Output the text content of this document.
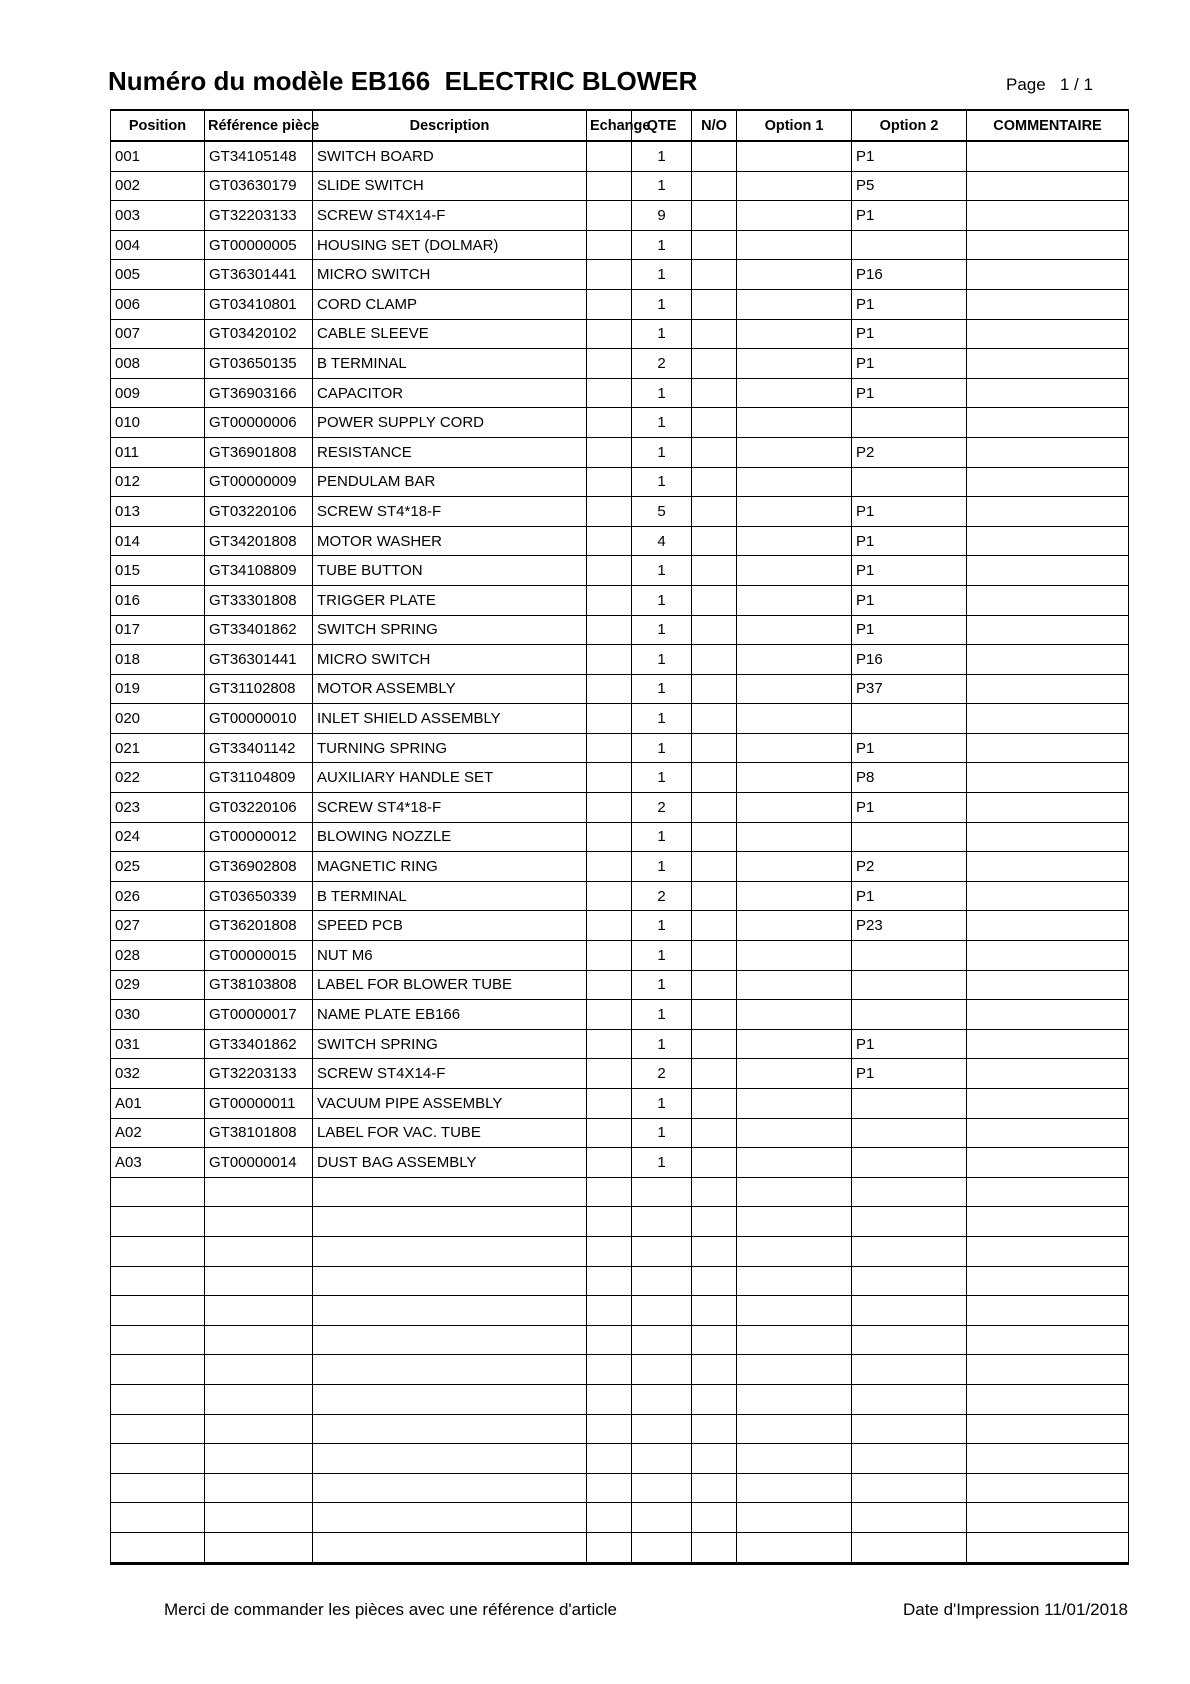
Numéro du modèle EB166  ELECTRIC BLOWER	Page   1 / 1
Position	Référence pièce	Description	Echange	QTE	N/O	Option 1	Option 2	COMMENTAIRE
001	GT34105148	SWITCH BOARD		1			P1	
002	GT03630179	SLIDE SWITCH		1			P5	
003	GT32203133	SCREW ST4X14-F		9			P1	
004	GT00000005	HOUSING SET (DOLMAR)		1				
005	GT36301441	MICRO SWITCH		1			P16	
006	GT03410801	CORD CLAMP		1			P1	
007	GT03420102	CABLE SLEEVE		1			P1	
008	GT03650135	B TERMINAL		2			P1	
009	GT36903166	CAPACITOR		1			P1	
010	GT00000006	POWER SUPPLY CORD		1				
011	GT36901808	RESISTANCE		1			P2	
012	GT00000009	PENDULAM BAR		1				
013	GT03220106	SCREW ST4*18-F		5			P1	
014	GT34201808	MOTOR WASHER		4			P1	
015	GT34108809	TUBE BUTTON		1			P1	
016	GT33301808	TRIGGER PLATE		1			P1	
017	GT33401862	SWITCH SPRING		1			P1	
018	GT36301441	MICRO SWITCH		1			P16	
019	GT31102808	MOTOR ASSEMBLY		1			P37	
020	GT00000010	INLET SHIELD ASSEMBLY		1				
021	GT33401142	TURNING SPRING		1			P1	
022	GT31104809	AUXILIARY HANDLE SET		1			P8	
023	GT03220106	SCREW ST4*18-F		2			P1	
024	GT00000012	BLOWING NOZZLE		1				
025	GT36902808	MAGNETIC RING		1			P2	
026	GT03650339	B TERMINAL		2			P1	
027	GT36201808	SPEED PCB		1			P23	
028	GT00000015	NUT M6		1				
029	GT38103808	LABEL FOR BLOWER TUBE		1				
030	GT00000017	NAME PLATE EB166		1				
031	GT33401862	SWITCH SPRING		1			P1	
032	GT32203133	SCREW ST4X14-F		2			P1	
A01	GT00000011	VACUUM PIPE ASSEMBLY		1				
A02	GT38101808	LABEL FOR VAC. TUBE		1				
A03	GT00000014	DUST BAG ASSEMBLY		1				

Merci de commander les pièces avec une référence d'article	Date d'Impression 11/01/2018
